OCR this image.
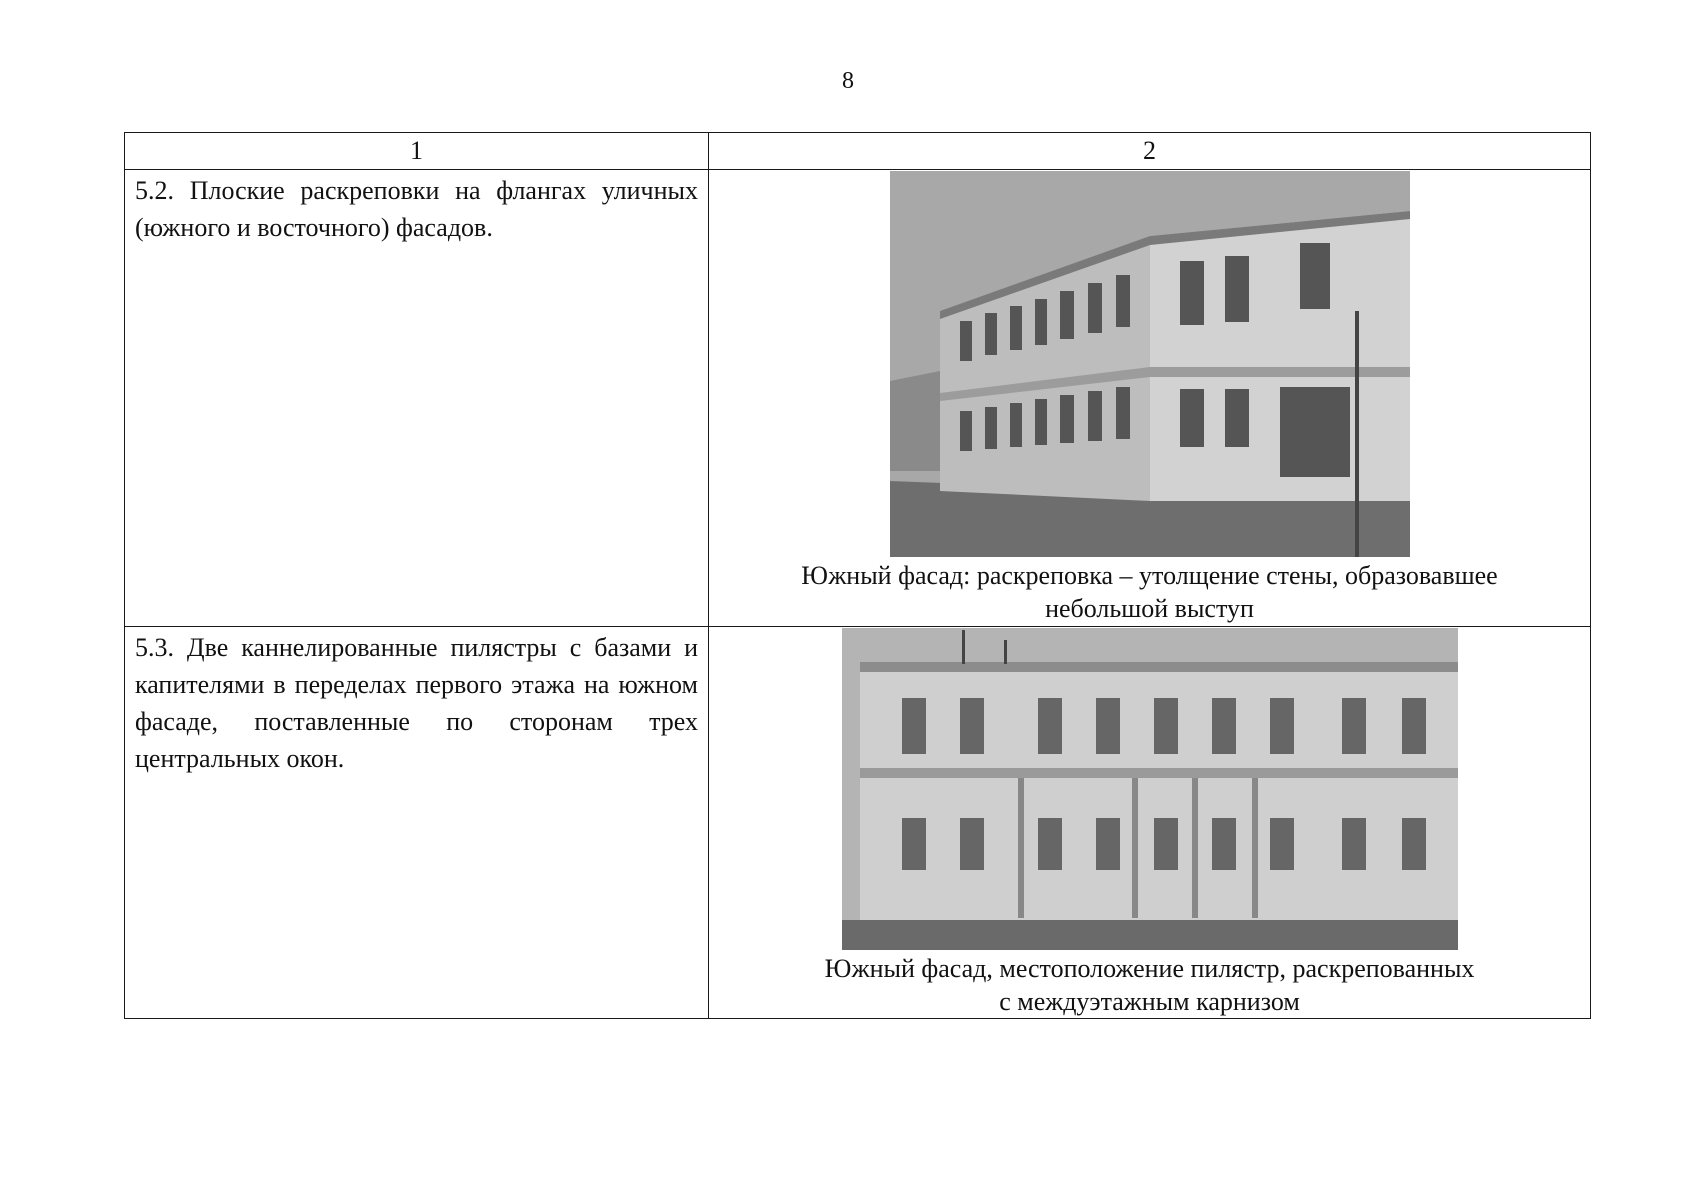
8
1	2
5.2. Плоские раскреповки на флангах уличных (южного и восточного) фасадов.	Южный фасад: раскреповка – утолщение стены, образовавшее
небольшой выступ

5.3. Две каннелированные пилястры с базами и капителями в переделах первого этажа на южном фасаде, поставленные по сторонам трех центральных окон.	Южный фасад, местоположение пилястр, раскрепованных
с междуэтажным карнизом
